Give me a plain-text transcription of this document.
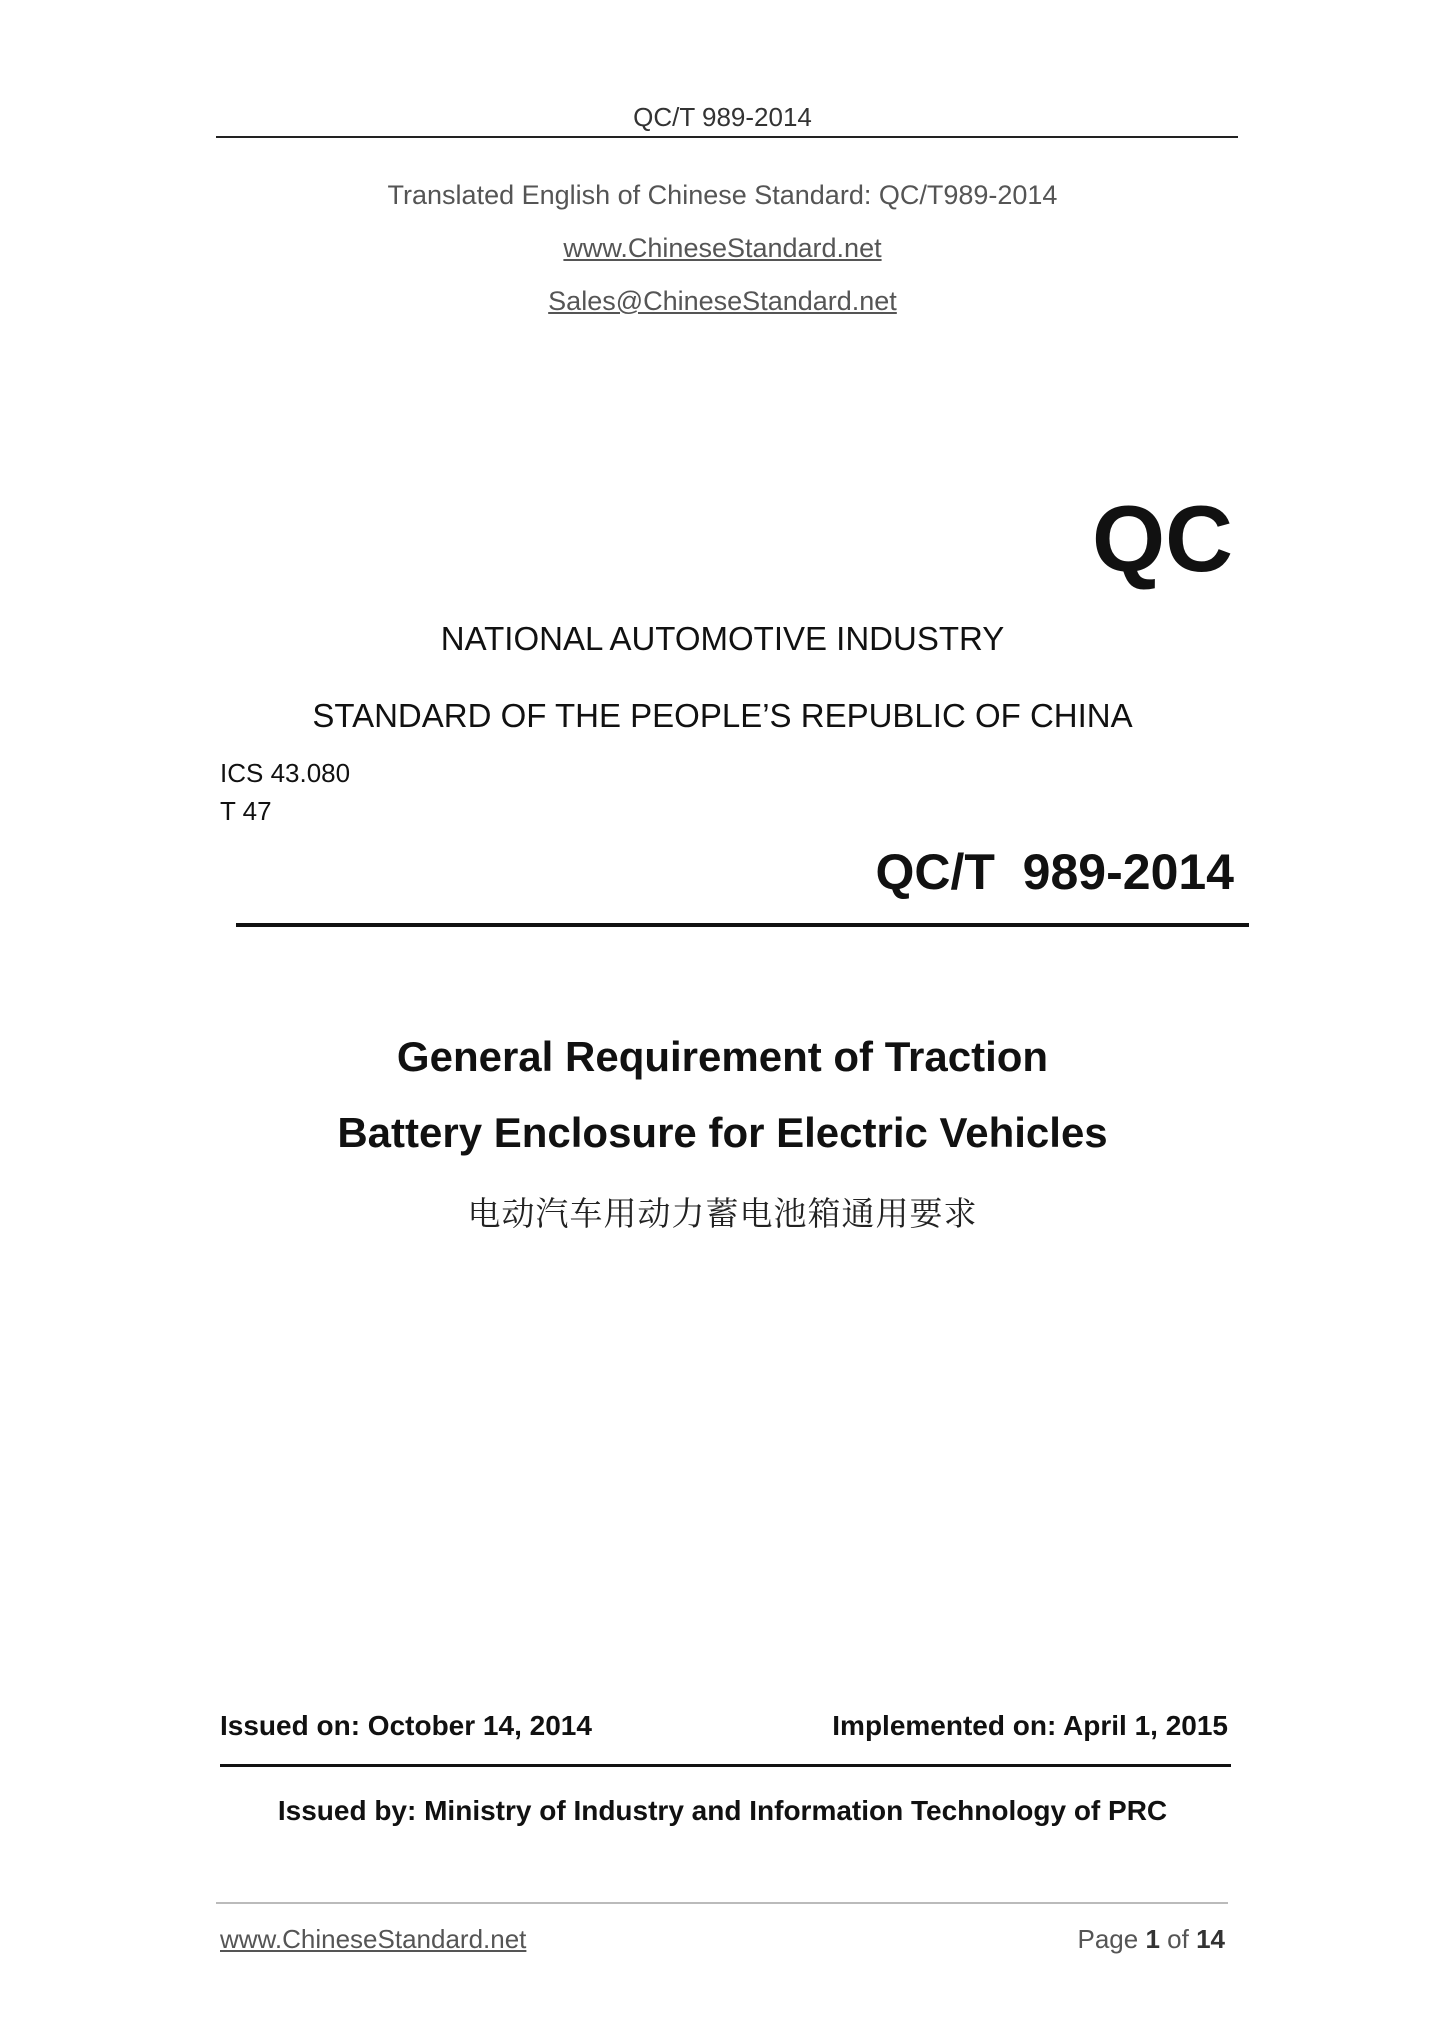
QC/T 989-2014
Translated English of Chinese Standard: QC/T989-2014
www.ChineseStandard.net
Sales@ChineseStandard.net
QC
NATIONAL AUTOMOTIVE INDUSTRY
STANDARD OF THE PEOPLE’S REPUBLIC OF CHINA
ICS 43.080
T 47
QC/T  989-2014
General Requirement of Traction
Battery Enclosure for Electric Vehicles
电动汽车用动力蓄电池箱通用要求
Issued on: October 14, 2014	Implemented on: April 1, 2015
Issued by: Ministry of Industry and Information Technology of PRC
www.ChineseStandard.net	Page 1 of 14
